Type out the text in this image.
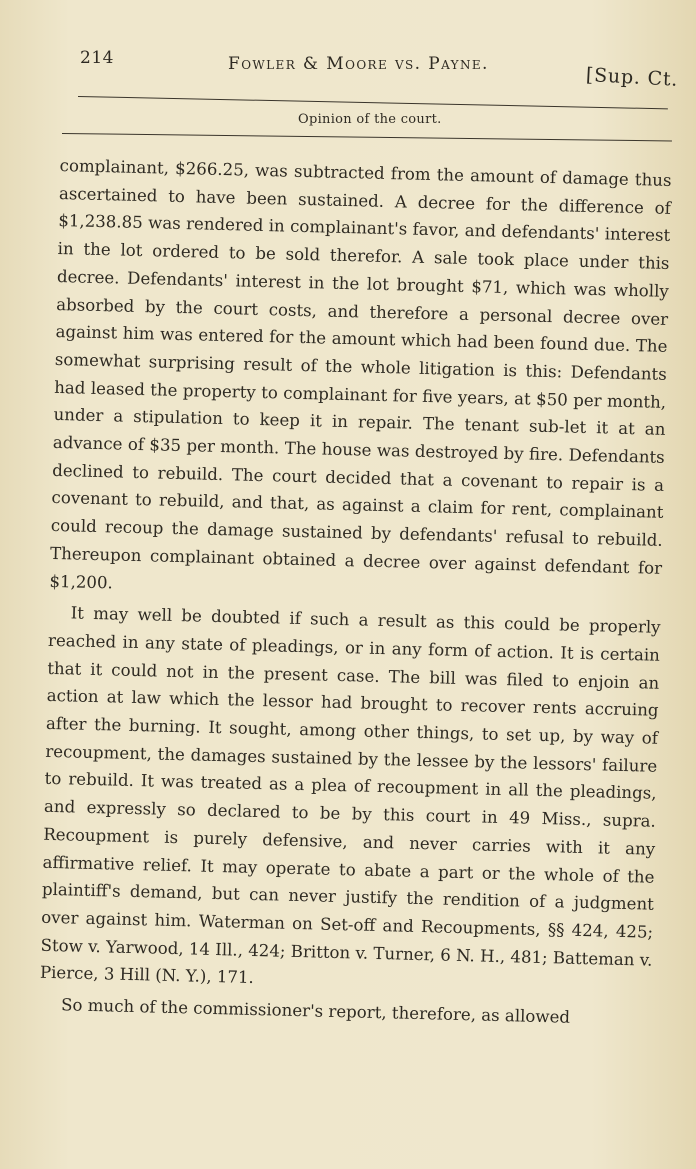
214	Fowler & Moore vs. Payne.
[Sup. Ct.
Opinion of the court.

complainant, $266.25, was subtracted from the amount of damage thus ascertained to have been sustained. A decree for the difference of $1,238.85 was rendered in complainant's favor, and defendants' interest in the lot ordered to be sold therefor. A sale took place under this decree. Defendants' interest in the lot brought $71, which was wholly absorbed by the court costs, and therefore a personal decree over against him was entered for the amount which had been found due. The somewhat surprising result of the whole litigation is this: Defendants had leased the property to complainant for five years, at $50 per month, under a stipulation to keep it in repair. The tenant sub-let it at an advance of $35 per month. The house was destroyed by fire. Defendants declined to rebuild. The court decided that a covenant to repair is a covenant to rebuild, and that, as against a claim for rent, complainant could recoup the damage sustained by defendants' refusal to rebuild. Thereupon complainant obtained a decree over against defendant for $1,200.

It may well be doubted if such a result as this could be properly reached in any state of pleadings, or in any form of action. It is certain that it could not in the present case. The bill was filed to enjoin an action at law which the lessor had brought to recover rents accruing after the burning. It sought, among other things, to set up, by way of recoupment, the damages sustained by the lessee by the lessors' failure to rebuild. It was treated as a plea of recoupment in all the pleadings, and expressly so declared to be by this court in 49 Miss., supra. Recoupment is purely defensive, and never carries with it any affirmative relief. It may operate to abate a part or the whole of the plaintiff's demand, but can never justify the rendition of a judgment over against him. Waterman on Set-off and Recoupments, §§ 424, 425; Stow v. Yarwood, 14 Ill., 424; Britton v. Turner, 6 N. H., 481; Batteman v. Pierce, 3 Hill (N. Y.), 171.

So much of the commissioner's report, therefore, as allowed
